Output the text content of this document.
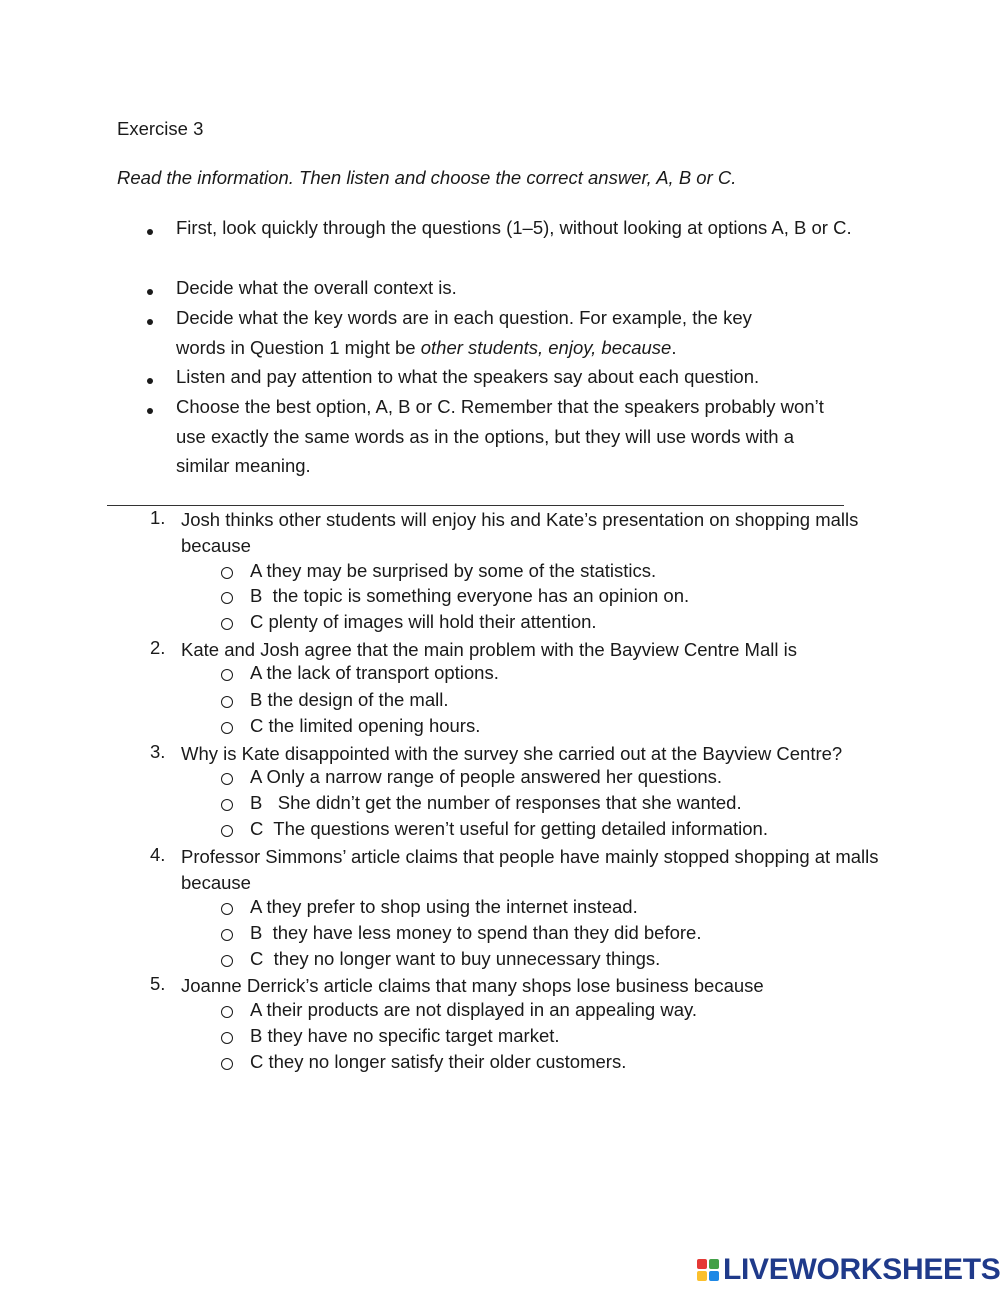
Exercise 3
Read the information. Then listen and choose the correct answer, A, B or C.
First, look quickly through the questions (1–5), without looking at options A, B or C.
Decide what the overall context is.
Decide what the key words are in each question. For example, the key words in Question 1 might be other students, enjoy, because.
Listen and pay attention to what the speakers say about each question.
Choose the best option, A, B or C. Remember that the speakers probably won’t use exactly the same words as in the options, but they will use words with a similar meaning.
1. Josh thinks other students will enjoy his and Kate’s presentation on shopping malls because
A they may be surprised by some of the statistics.
B  the topic is something everyone has an opinion on.
C plenty of images will hold their attention.
2. Kate and Josh agree that the main problem with the Bayview Centre Mall is
A the lack of transport options.
B the design of the mall.
C the limited opening hours.
3. Why is Kate disappointed with the survey she carried out at the Bayview Centre?
A Only a narrow range of people answered her questions.
B   She didn’t get the number of responses that she wanted.
C  The questions weren’t useful for getting detailed information.
4. Professor Simmons’ article claims that people have mainly stopped shopping at malls because
A they prefer to shop using the internet instead.
B  they have less money to spend than they did before.
C  they no longer want to buy unnecessary things.
5. Joanne Derrick’s article claims that many shops lose business because
A their products are not displayed in an appealing way.
B they have no specific target market.
C they no longer satisfy their older customers.
LIVEWORKSHEETS
